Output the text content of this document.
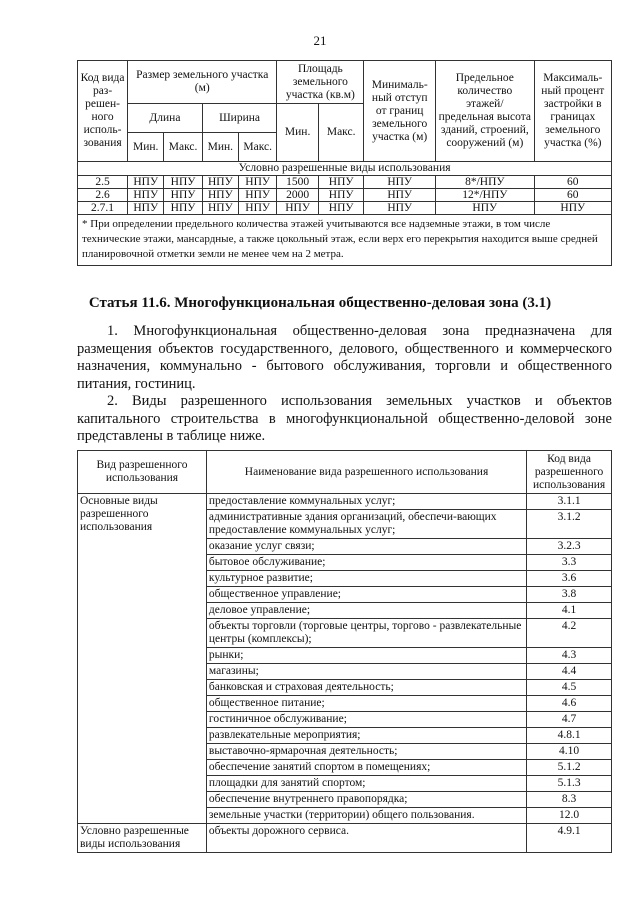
21
Код вида раз-решен-ного исполь-зования	Размер земельного участка (м)				Площадь земельного участка (кв.м)		Минималь-ный отступ от границ земельного участка (м)	Предельное количество этажей/ предельная высота зданий, строений, сооружений (м)	Максималь-ный процент застройки в границах земельного участка (%)
	Длина		Ширина		Мин.	Макс.			
	Мин.	Макс.	Мин.	Макс.					
Условно разрешенные виды использования									
2.5	НПУ	НПУ	НПУ	НПУ	1500	НПУ	НПУ	8*/НПУ	60
2.6	НПУ	НПУ	НПУ	НПУ	2000	НПУ	НПУ	12*/НПУ	60
2.7.1	НПУ	НПУ	НПУ	НПУ	НПУ	НПУ	НПУ	НПУ	НПУ
* При определении предельного количества этажей учитываются все надземные этажи, в том числе технические этажи, мансардные, а также цокольный этаж, если верх его перекрытия находится выше средней планировочной отметки земли не менее чем на 2 метра.									
Статья 11.6. Многофункциональная общественно-деловая зона (3.1)
1. Многофункциональная общественно-деловая зона предназначена для размещения объектов государственного, делового, общественного и коммерческого назначения, коммунально - бытового обслуживания, торговли и общественного питания, гостиниц.
2. Виды разрешенного использования земельных участков и объектов капитального строительства в многофункциональной общественно-деловой зоне представлены в таблице ниже.
Вид разрешенного использования	Наименование вида разрешенного использования	Код вида разрешенного использования
Основные виды разрешенного использования	предоставление коммунальных услуг;	3.1.1
	административные здания организаций, обеспечи-вающих предоставление коммунальных услуг;	3.1.2
	оказание услуг связи;	3.2.3
	бытовое обслуживание;	3.3
	культурное развитие;	3.6
	общественное управление;	3.8
	деловое управление;	4.1
	объекты торговли (торговые центры, торгово - развлекательные центры (комплексы);	4.2
	рынки;	4.3
	магазины;	4.4
	банковская и страховая деятельность;	4.5
	общественное питание;	4.6
	гостиничное обслуживание;	4.7
	развлекательные мероприятия;	4.8.1
	выставочно-ярмарочная деятельность;	4.10
	обеспечение занятий спортом в помещениях;	5.1.2
	площадки для занятий спортом;	5.1.3
	обеспечение внутреннего правопорядка;	8.3
	земельные участки (территории) общего пользования.	12.0
Условно разрешенные виды использования	объекты дорожного сервиса.	4.9.1
